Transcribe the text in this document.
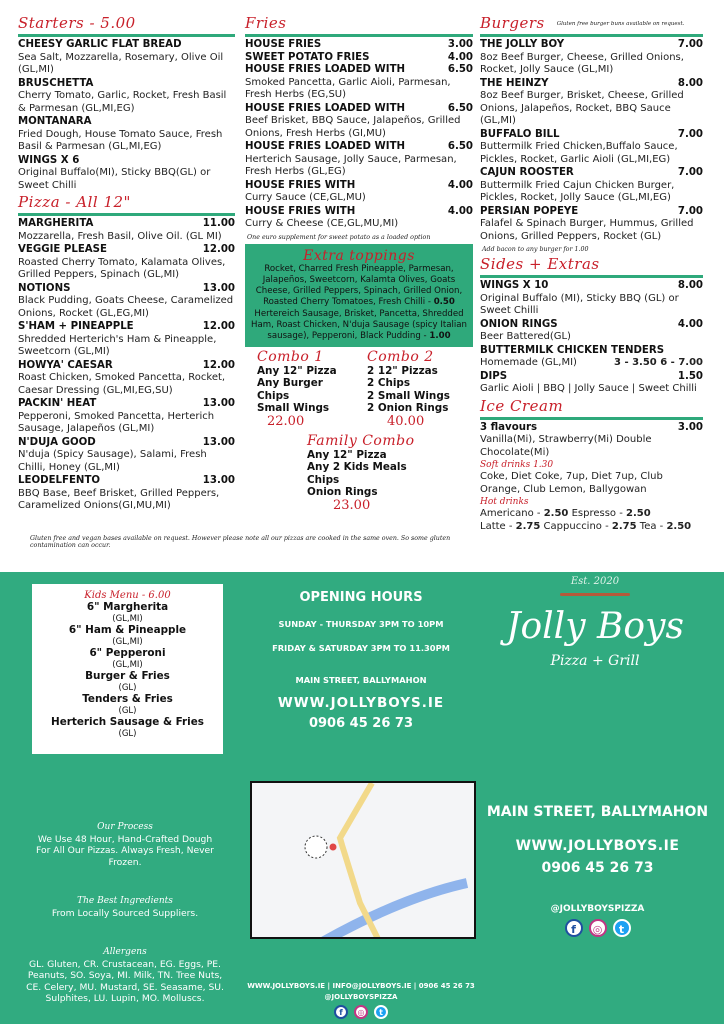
Starters - 5.00
CHEESY GARLIC FLAT BREAD
Sea Salt, Mozzarella, Rosemary, Olive Oil (GL,MI)
BRUSCHETTA
Cherry Tomato, Garlic, Rocket, Fresh Basil & Parmesan (GL,MI,EG)
MONTANARA
Fried Dough, House Tomato Sauce, Fresh Basil & Parmesan (GL,MI,EG)
WINGS X 6
Original Buffalo(MI), Sticky BBQ(GL) or Sweet Chilli
Pizza - All 12"
MARGHERITA	11.00
Mozzarella, Fresh Basil, Olive Oil. (GL MI)
VEGGIE PLEASE	12.00
Roasted Cherry Tomato, Kalamata Olives, Grilled Peppers, Spinach (GL,MI)
NOTIONS	13.00
Black Pudding, Goats Cheese, Caramelized Onions, Rocket (GL,EG,MI)
S'HAM + PINEAPPLE	12.00
Shredded Herterich's Ham & Pineapple, Sweetcorn (GL,MI)
HOWYA' CAESAR	12.00
Roast Chicken, Smoked Pancetta, Rocket, Caesar Dressing (GL,MI,EG,SU)
PACKIN' HEAT	13.00
Pepperoni, Smoked Pancetta, Herterich Sausage, Jalapeños (GL,MI)
N'DUJA GOOD	13.00
N'duja (Spicy Sausage), Salami, Fresh Chilli, Honey (GL,MI)
LEODELFENTO	13.00
BBQ Base, Beef Brisket, Grilled Peppers, Caramelized Onions(GI,MU,MI)
Gluten free and vegan bases available on request. However please note all our pizzas are cooked in the same oven. So some gluten contamination can occur.
Fries
HOUSE FRIES	3.00
SWEET POTATO FRIES	4.00
HOUSE FRIES LOADED WITH	6.50
Smoked Pancetta, Garlic Aioli, Parmesan, Fresh Herbs (EG,SU)
HOUSE FRIES LOADED WITH	6.50
Beef Brisket, BBQ Sauce, Jalapeños, Grilled Onions, Fresh Herbs (GI,MU)
HOUSE FRIES LOADED WITH	6.50
Herterich Sausage, Jolly Sauce, Parmesan, Fresh Herbs (GL,EG)
HOUSE FRIES WITH	4.00
Curry Sauce (CE,GL,MU)
HOUSE FRIES WITH	4.00
Curry & Cheese (CE,GL,MU,MI)
One euro supplement for sweet potato as a loaded option
Extra toppings

Rocket, Charred Fresh Pineapple, Parmesan, Jalapeños, Sweetcorn, Kalamta Olives, Goats Cheese, Grilled Peppers, Spinach, Grilled Onion, Roasted Cherry Tomatoes, Fresh Chilli - 0.50

Hertereich Sausage, Brisket, Pancetta, Shredded Ham, Roast Chicken, N'duja Sausage (spicy Italian sausage), Pepperoni, Black Pudding - 1.00

Combo 1

Any 12" Pizza

Any Burger

Chips

Small Wings

22.00
Combo 2

2 12" Pizzas

2 Chips

2 Small Wings

2 Onion Rings

40.00
Family Combo

Any 12" Pizza

Any 2 Kids Meals

Chips

Onion Rings

23.00
Burgers Gluten free burger buns available on request.
THE JOLLY BOY	7.00
8oz Beef Burger, Cheese, Grilled Onions, Rocket, Jolly Sauce (GL,MI)
THE HEINZY	8.00
8oz Beef Burger, Brisket, Cheese, Grilled Onions, Jalapeños, Rocket, BBQ Sauce (GL,MI)
BUFFALO BILL	7.00
Buttermilk Fried Chicken,Buffalo Sauce, Pickles, Rocket, Garlic Aioli (GL,MI,EG)
CAJUN ROOSTER	7.00
Buttermilk Fried Cajun Chicken Burger, Pickles, Rocket, Jolly Sauce (GL,MI,EG)
PERSIAN POPEYE	7.00
Falafel & Spinach Burger, Hummus, Grilled Onions, Grilled Peppers, Rocket (GL)
Add bacon to any burger for 1.00
Sides + Extras
WINGS X 10	8.00
Original Buffalo (MI), Sticky BBQ (GL) or Sweet Chilli
ONION RINGS	4.00
Beer Battered(GL)
BUTTERMILK CHICKEN TENDERS
Homemade (GL,MI)	3 - 3.50 6 - 7.00
DIPS	1.50
Garlic Aioli | BBQ | Jolly Sauce | Sweet Chilli
Ice Cream
3 flavours	3.00
Vanilla(Mi), Strawberry(Mi) Double Chocolate(Mi)
Soft drinks 1.30
Coke, Diet Coke, 7up, Diet 7up, Club Orange, Club Lemon, Ballygowan
Hot drinks
Americano - 2.50 Espresso - 2.50
Latte - 2.75 Cappuccino - 2.75 Tea - 2.50
Kids Menu - 6.00
6" Margherita
(GL,MI)
6" Ham & Pineapple
(GL,MI)
6" Pepperoni
(GL,MI)
Burger & Fries
(GL)
Tenders & Fries
(GL)
Herterich Sausage & Fries
(GL)
OPENING HOURS
SUNDAY - THURSDAY 3PM TO 10PM
FRIDAY & SATURDAY 3PM TO 11.30PM
MAIN STREET, BALLYMAHON
WWW.JOLLYBOYS.IE
0906 45 26 73
Est. 2020
Jolly Boys
Pizza + Grill
Our Process
We Use 48 Hour, Hand-Crafted Dough For All Our Pizzas. Always Fresh, Never Frozen.
The Best Ingredients
From Locally Sourced Suppliers.
Allergens
GL. Gluten, CR. Crustacean, EG. Eggs, PE. Peanuts, SO. Soya, MI. Milk, TN. Tree Nuts, CE. Celery, MU. Mustard, SE. Seasame, SU. Sulphites, LU. Lupin, MO. Molluscs.
MAIN STREET, BALLYMAHON
WWW.JOLLYBOYS.IE
0906 45 26 73
@JOLLYBOYSPIZZA
f ◎ t
WWW.JOLLYBOYS.IE | INFO@JOLLYBOYS.IE | 0906 45 26 73
@JOLLYBOYSPIZZA
f ◎ t
